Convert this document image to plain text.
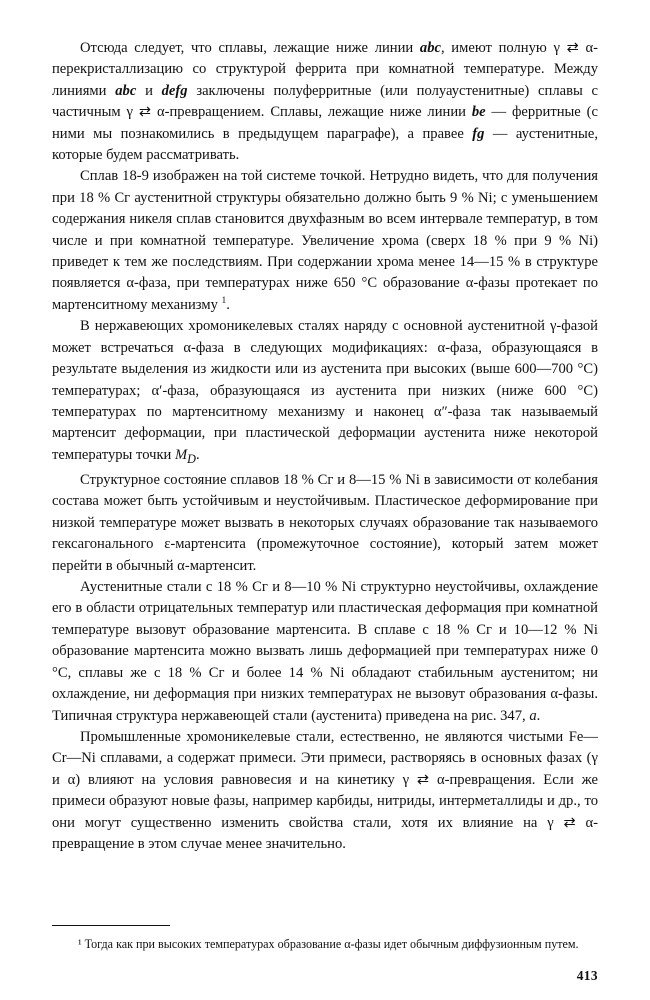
Отсюда следует, что сплавы, лежащие ниже линии abc, имеют полную γ ⇄ α-перекристаллизацию со структурой феррита при комнатной температуре. Между линиями abc и defg заключены полуферритные (или полуаустенитные) сплавы с частичным γ ⇄ α-превращением. Сплавы, лежащие ниже линии be — ферритные (с ними мы познакомились в предыдущем параграфе), а правее fg — аустенитные, которые будем рассматривать.

Сплав 18-9 изображен на той системе точкой. Нетрудно видеть, что для получения при 18 % Сг аустенитной структуры обязательно должно быть 9 % Ni; с уменьшением содержания никеля сплав становится двухфазным во всем интервале температур, в том числе и при комнатной температуре. Увеличение хрома (сверх 18 % при 9 % Ni) приведет к тем же последствиям. При содержании хрома менее 14—15 % в структуре появляется α-фаза, при температурах ниже 650 °С образование α-фазы протекает по мартенситному механизму $^1$.

В нержавеющих хромоникелевых сталях наряду с основной аустенитной γ-фазой может встречаться α-фаза в следующих модификациях: α-фаза, образующаяся в результате выделения из жидкости или из аустенита при высоких (выше 600—700 °С) температурах; α′-фаза, образующаяся из аустенита при низких (ниже 600 °С) температурах по мартенситному механизму и наконец α″-фаза так называемый мартенсит деформации, при пластической деформации аустенита ниже некоторой температуры точки $M_D$.

Структурное состояние сплавов 18 % Сг и 8—15 % Ni в зависимости от колебания состава может быть устойчивым и неустойчивым. Пластическое деформирование при низкой температуре может вызвать в некоторых случаях образование так называемого гексагонального ε-мартенсита (промежуточное состояние), который затем может перейти в обычный α-мартенсит.

Аустенитные стали с 18 % Сг и 8—10 % Ni структурно неустойчивы, охлаждение его в области отрицательных температур или пластическая деформация при комнатной температуре вызовут образование мартенсита. В сплаве с 18 % Сг и 10—12 % Ni образование мартенсита можно вызвать лишь деформацией при температурах ниже 0 °С, сплавы же с 18 % Сг и более 14 % Ni обладают стабильным аустенитом; ни охлаждение, ни деформация при низких температурах не вызовут образования α-фазы. Типичная структура нержавеющей стали (аустенита) приведена на рис. 347, а.

Промышленные хромоникелевые стали, естественно, не являются чистыми Fe—Сr—Ni сплавами, а содержат примеси. Эти примеси, растворяясь в основных фазах (γ и α) влияют на условия равновесия и на кинетику γ ⇄ α-превращения. Если же примеси образуют новые фазы, например карбиды, нитриды, интерметаллиды и др., то они могут существенно изменить свойства стали, хотя их влияние на γ ⇄ α-превращение в этом случае менее значительно.

¹ Тогда как при высоких температурах образование α-фазы идет обычным диффузионным путем.

413
